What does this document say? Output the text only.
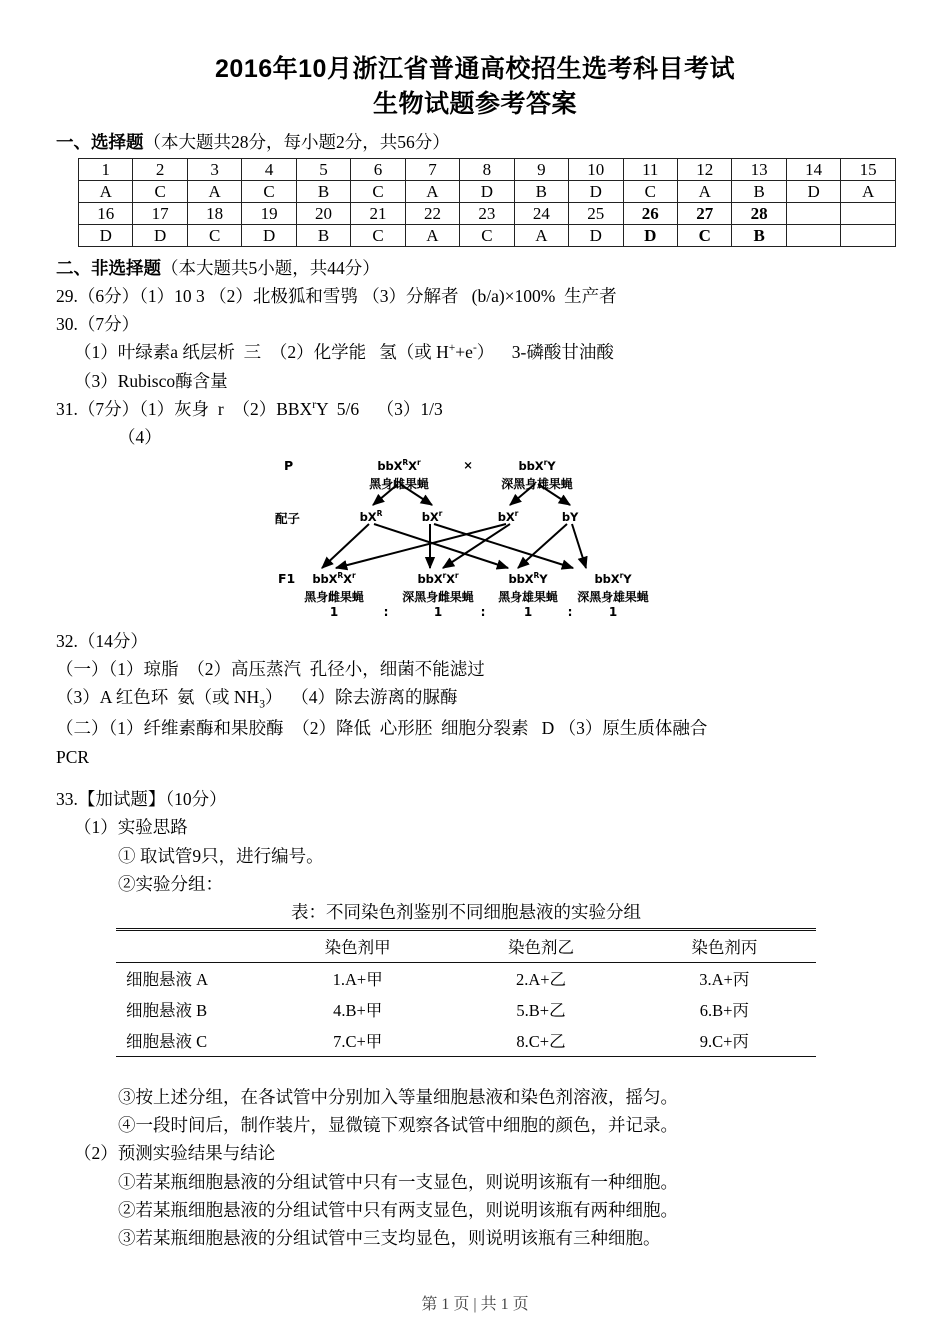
2016年10月浙江省普通高校招生选考科目考试
生物试题参考答案
一、选择题（本大题共28分，每小题2分，共56分）
1	2	3	4	5	6	7	8	9	10	11	12	13	14	15
A	C	A	C	B	C	A	D	B	D	C	A	B	D	A
16	17	18	19	20	21	22	23	24	25	26	27	28		
D	D	C	D	B	C	A	C	A	D	D	C	B		
二、非选择题（本大题共5小题，共44分）
29.（6分）（1）10 3 （2）北极狐和雪鸮 （3）分解者   (b/a)×100%  生产者
30.（7分）
（1）叶绿素a 纸层析  三  （2）化学能   氢（或 H++e-）    3-磷酸甘油酸
（3）Rubisco酶含量
31.（7分）（1）灰身  r  （2）BBX$^r$Y  5/6    （3）1/3
（4）
P	$bbX^RX^r$	×	bbX$^r$Y
黑身雌果蝇	深黑身雄果蝇
配子	$bX^R$	$bX^r$	$bX^r$	bY
F1 $bbX^RX^r$	$bbX^rX^r$	bbX$^R$Y	bbX$^r$Y
黑身雌果蝇	深黑身雌果蝇 黑身雄果蝇 深黑身雄果蝇
1	:	1	:	1	:	1
32.（14分）
（一）（1）琼脂  （2）高压蒸汽  孔径小，细菌不能滤过
（3）A 红色环  氨（或 $NH_3$）  （4）除去游离的脲酶
（二）（1）纤维素酶和果胶酶  （2）降低  心形胚  细胞分裂素   D （3）原生质体融合
PCR
33.【加试题】（10分）
（1）实验思路
① 取试管9只，进行编号。
②实验分组：
表：不同染色剂鉴别不同细胞悬液的实验分组
	染色剂甲	染色剂乙	染色剂丙
细胞悬液 A	1.A+甲	2.A+乙	3.A+丙
细胞悬液 B	4.B+甲	5.B+乙	6.B+丙
细胞悬液 C	7.C+甲	8.C+乙	9.C+丙
③按上述分组，在各试管中分别加入等量细胞悬液和染色剂溶液，摇匀。
④一段时间后，制作装片，显微镜下观察各试管中细胞的颜色，并记录。
（2）预测实验结果与结论
①若某瓶细胞悬液的分组试管中只有一支显色，则说明该瓶有一种细胞。
②若某瓶细胞悬液的分组试管中只有两支显色，则说明该瓶有两种细胞。
③若某瓶细胞悬液的分组试管中三支均显色，则说明该瓶有三种细胞。
第 1 页 | 共 1 页
